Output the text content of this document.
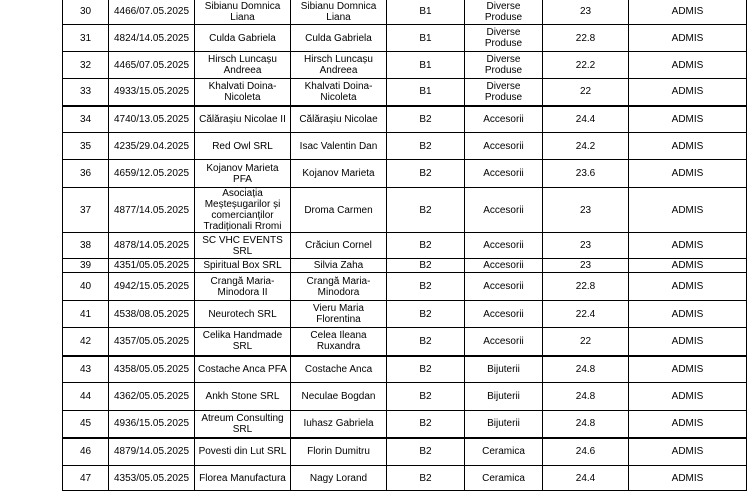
30	4466/07.05.2025	Sibianu Domnica Liana	Sibianu Domnica Liana	B1	Diverse Produse	23	ADMIS
31	4824/14.05.2025	Culda Gabriela	Culda Gabriela	B1	Diverse Produse	22.8	ADMIS
32	4465/07.05.2025	Hirsch Luncașu Andreea	Hirsch Luncașu Andreea	B1	Diverse Produse	22.2	ADMIS
33	4933/15.05.2025	Khalvati Doina-Nicoleta	Khalvati Doina-Nicoleta	B1	Diverse Produse	22	ADMIS
34	4740/13.05.2025	Călărașiu Nicolae II	Călărașiu Nicolae	B2	Accesorii	24.4	ADMIS
35	4235/29.04.2025	Red Owl SRL	Isac Valentin Dan	B2	Accesorii	24.2	ADMIS
36	4659/12.05.2025	Kojanov Marieta PFA	Kojanov Marieta	B2	Accesorii	23.6	ADMIS
37	4877/14.05.2025	Asociația Meșteșugarilor și comercianților Tradiționali Rromi	Droma Carmen	B2	Accesorii	23	ADMIS
38	4878/14.05.2025	SC VHC EVENTS SRL	Crăciun Cornel	B2	Accesorii	23	ADMIS
39	4351/05.05.2025	Spiritual Box SRL	Silvia Zaha	B2	Accesorii	23	ADMIS
40	4942/15.05.2025	Crangă Maria-Minodora II	Crangă Maria-Minodora	B2	Accesorii	22.8	ADMIS
41	4538/08.05.2025	Neurotech SRL	Vieru Maria Florentina	B2	Accesorii	22.4	ADMIS
42	4357/05.05.2025	Celika Handmade SRL	Celea Ileana Ruxandra	B2	Accesorii	22	ADMIS
43	4358/05.05.2025	Costache Anca PFA	Costache Anca	B2	Bijuterii	24.8	ADMIS
44	4362/05.05.2025	Ankh Stone SRL	Neculae Bogdan	B2	Bijuterii	24.8	ADMIS
45	4936/15.05.2025	Atreum Consulting SRL	Iuhasz Gabriela	B2	Bijuterii	24.8	ADMIS
46	4879/14.05.2025	Povesti din Lut SRL	Florin Dumitru	B2	Ceramica	24.6	ADMIS
47	4353/05.05.2025	Florea Manufactura	Nagy Lorand	B2	Ceramica	24.4	ADMIS
